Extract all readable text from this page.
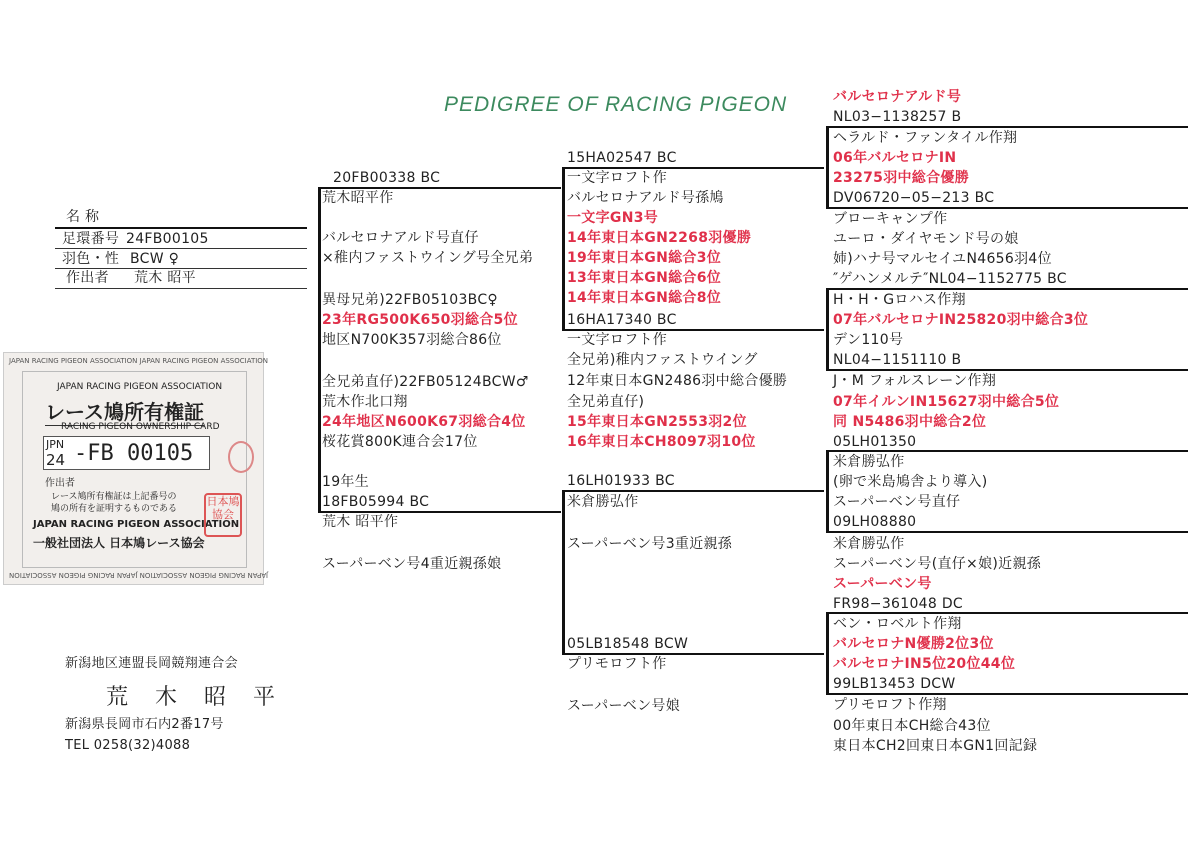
PEDIGREE OF RACING PIGEON
名 称
足環番号 24FB00105
羽色・性 BCW ♀
作出者 荒木 昭平
JAPAN RACING PIGEON ASSOCIATION JAPAN RACING PIGEON ASSOCIATION
JAPAN RACING PIGEON ASSOCIATION JAPAN RACING PIGEON ASSOCIATION
JAPAN RACING PIGEON ASSOCIATION
レース鳩所有権証
RACING PIGEON OWNERSHIP CARD
JPN
24 -FB 00105
作出者
レース鳩所有権証は上記番号の
鳩の所有を証明するものである
JAPAN RACING PIGEON ASSOCIATION
一般社団法人 日本鳩レース協会
日本鳩協会
新潟地区連盟長岡競翔連合会
荒 木 昭 平
新潟県長岡市石内2番17号
TEL 0258(32)4088
20FB00338 BC
荒木昭平作
バルセロナアルド号直仔
×稚内ファストウイング号全兄弟
異母兄弟)22FB05103BC♀
23年RG500K650羽総合5位
地区N700K357羽総合86位
全兄弟直仔)22FB05124BCW♂
荒木作北口翔
24年地区N600K67羽総合4位
桜花賞800K連合会17位
19年生
18FB05994 BC
荒木 昭平作
スーパーベン号4重近親孫娘
15HA02547 BC
一文字ロフト作
バルセロナアルド号孫鳩
一文字GN3号
14年東日本GN2268羽優勝
19年東日本GN総合3位
13年東日本GN総合6位
14年東日本GN総合8位
16HA17340 BC
一文字ロフト作
全兄弟)稚内ファストウイング
12年東日本GN2486羽中総合優勝
全兄弟直仔)
15年東日本GN2553羽2位
16年東日本CH8097羽10位
16LH01933 BC
米倉勝弘作
スーパーベン号3重近親孫
05LB18548 BCW
プリモロフト作
スーパーベン号娘
バルセロナアルド号
NL03−1138257 B
ヘラルド・ファンタイル作翔
06年バルセロナIN
23275羽中総合優勝
DV06720−05−213 BC
ブローキャンプ作
ユーロ・ダイヤモンド号の娘
姉)ハナ号マルセイユN4656羽4位
″ゲハンメルテ″NL04−1152775 BC
H・H・Gロハス作翔
07年バルセロナIN25820羽中総合3位
デン110号
NL04−1151110 B
J・M フォルスレーン作翔
07年イルンIN15627羽中総合5位
同 N5486羽中総合2位
05LH01350
米倉勝弘作
(卵で米島鳩舎より導入)
スーパーベン号直仔
09LH08880
米倉勝弘作
スーパーベン号(直仔×娘)近親孫
スーパーベン号
FR98−361048 DC
ベン・ロベルト作翔
バルセロナN優勝2位3位
バルセロナIN5位20位44位
99LB13453 DCW
プリモロフト作翔
00年東日本CH総合43位
東日本CH2回東日本GN1回記録
